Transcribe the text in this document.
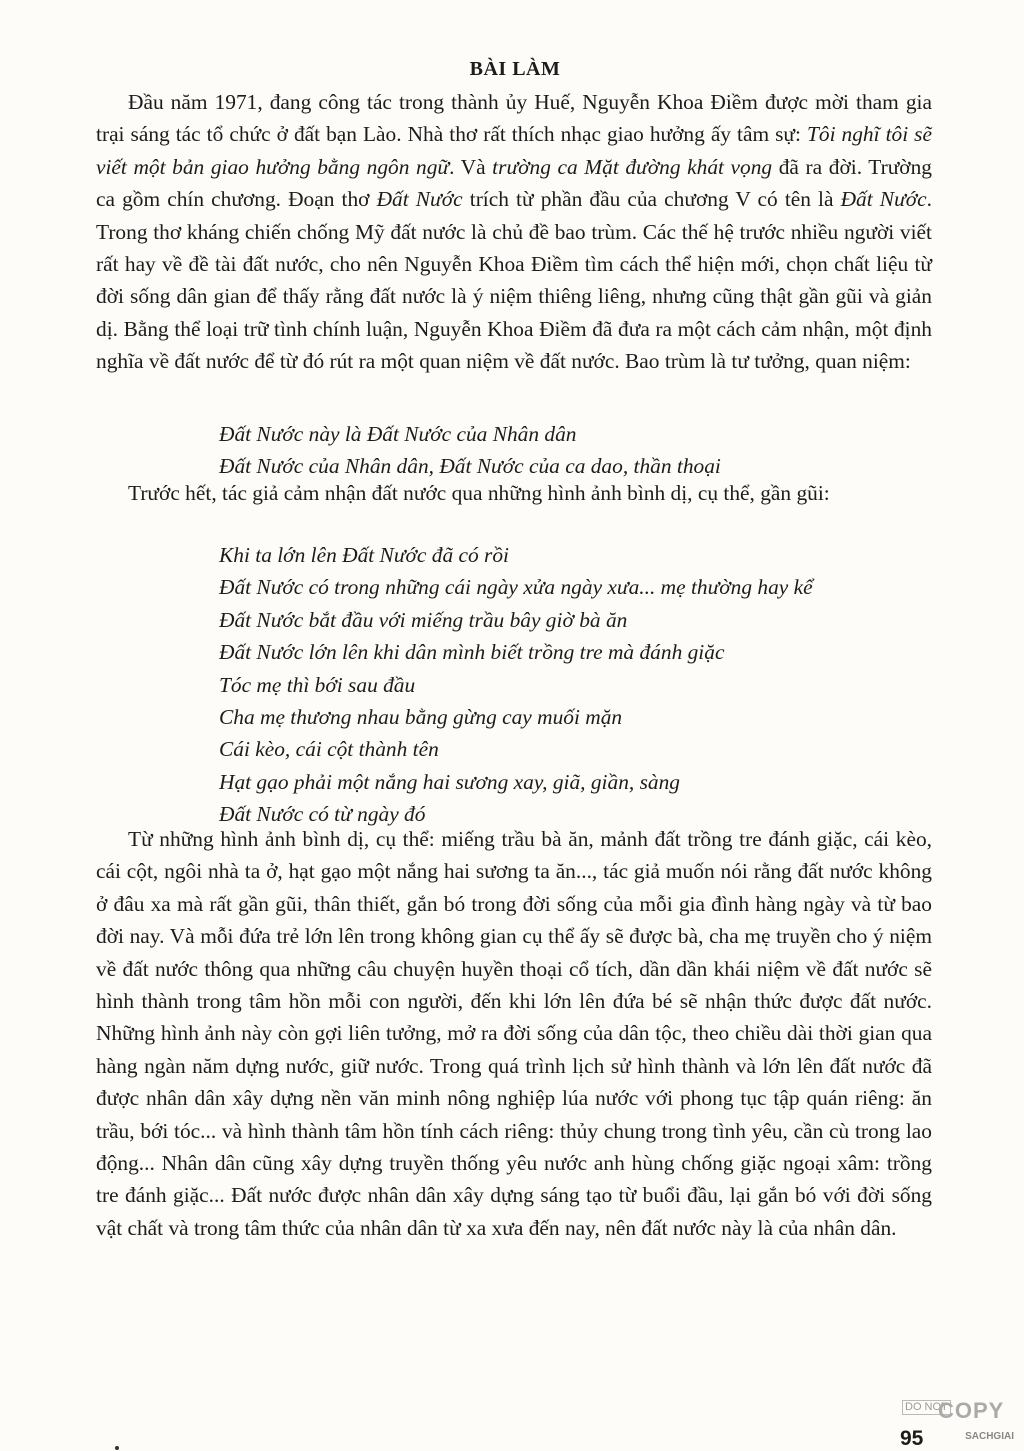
BÀI LÀM

Đầu năm 1971, đang công tác trong thành ủy Huế, Nguyễn Khoa Điềm được mời tham gia trại sáng tác tổ chức ở đất bạn Lào. Nhà thơ rất thích nhạc giao hưởng ấy tâm sự: Tôi nghĩ tôi sẽ viết một bản giao hưởng bằng ngôn ngữ. Và trường ca Mặt đường khát vọng đã ra đời. Trường ca gồm chín chương. Đoạn thơ Đất Nước trích từ phần đầu của chương V có tên là Đất Nước. Trong thơ kháng chiến chống Mỹ đất nước là chủ đề bao trùm. Các thế hệ trước nhiều người viết rất hay về đề tài đất nước, cho nên Nguyễn Khoa Điềm tìm cách thể hiện mới, chọn chất liệu từ đời sống dân gian để thấy rằng đất nước là ý niệm thiêng liêng, nhưng cũng thật gần gũi và giản dị. Bằng thể loại trữ tình chính luận, Nguyễn Khoa Điềm đã đưa ra một cách cảm nhận, một định nghĩa về đất nước để từ đó rút ra một quan niệm về đất nước. Bao trùm là tư tưởng, quan niệm:

Đất Nước này là Đất Nước của Nhân dân
Đất Nước của Nhân dân, Đất Nước của ca dao, thần thoại

Trước hết, tác giả cảm nhận đất nước qua những hình ảnh bình dị, cụ thể, gần gũi:

Khi ta lớn lên Đất Nước đã có rồi
Đất Nước có trong những cái ngày xửa ngày xưa... mẹ thường hay kể
Đất Nước bắt đầu với miếng trầu bây giờ bà ăn
Đất Nước lớn lên khi dân mình biết trồng tre mà đánh giặc
Tóc mẹ thì bới sau đầu
Cha mẹ thương nhau bằng gừng cay muối mặn
Cái kèo, cái cột thành tên
Hạt gạo phải một nắng hai sương xay, giã, giần, sàng
Đất Nước có từ ngày đó

Từ những hình ảnh bình dị, cụ thể: miếng trầu bà ăn, mảnh đất trồng tre đánh giặc, cái kèo, cái cột, ngôi nhà ta ở, hạt gạo một nắng hai sương ta ăn..., tác giả muốn nói rằng đất nước không ở đâu xa mà rất gần gũi, thân thiết, gắn bó trong đời sống của mỗi gia đình hàng ngày và từ bao đời nay. Và mỗi đứa trẻ lớn lên trong không gian cụ thể ấy sẽ được bà, cha mẹ truyền cho ý niệm về đất nước thông qua những câu chuyện huyền thoại cổ tích, dần dần khái niệm về đất nước sẽ hình thành trong tâm hồn mỗi con người, đến khi lớn lên đứa bé sẽ nhận thức được đất nước. Những hình ảnh này còn gợi liên tưởng, mở ra đời sống của dân tộc, theo chiều dài thời gian qua hàng ngàn năm dựng nước, giữ nước. Trong quá trình lịch sử hình thành và lớn lên đất nước đã được nhân dân xây dựng nền văn minh nông nghiệp lúa nước với phong tục tập quán riêng: ăn trầu, bới tóc... và hình thành tâm hồn tính cách riêng: thủy chung trong tình yêu, cần cù trong lao động... Nhân dân cũng xây dựng truyền thống yêu nước anh hùng chống giặc ngoại xâm: trồng tre đánh giặc... Đất nước được nhân dân xây dựng sáng tạo từ buổi đầu, lại gắn bó với đời sống vật chất và trong tâm thức của nhân dân từ xa xưa đến nay, nên đất nước này là của nhân dân.

95
DO NOT
COPY
SACHGIAI
